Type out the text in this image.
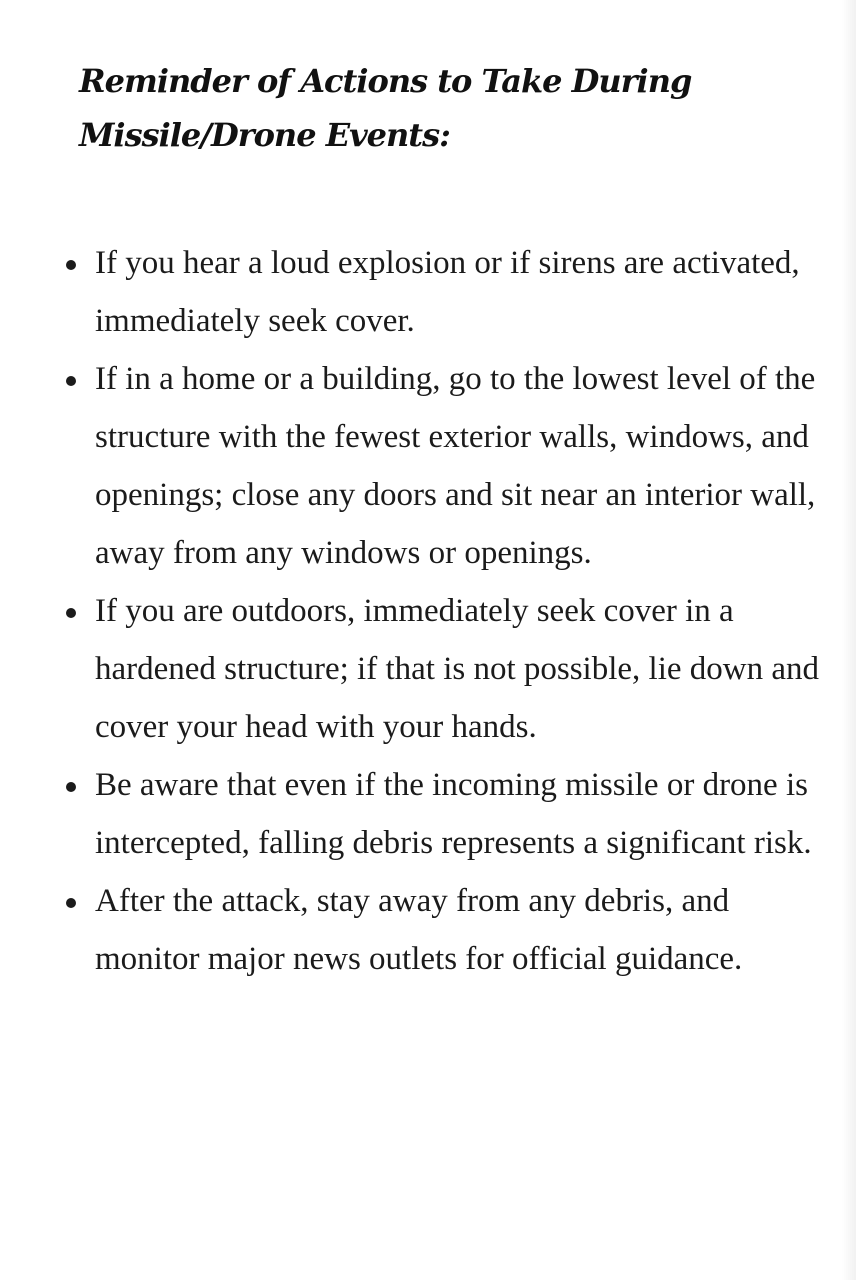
Reminder of Actions to Take During
Missile/Drone Events:
If you hear a loud explosion or if sirens are activated, immediately seek cover.
If in a home or a building, go to the lowest level of the structure with the fewest exterior walls, windows, and openings; close any doors and sit near an interior wall, away from any windows or openings.
If you are outdoors, immediately seek cover in a hardened structure; if that is not possible, lie down and cover your head with your hands.
Be aware that even if the incoming missile or drone is intercepted, falling debris represents a significant risk.
After the attack, stay away from any debris, and monitor major news outlets for official guidance.
